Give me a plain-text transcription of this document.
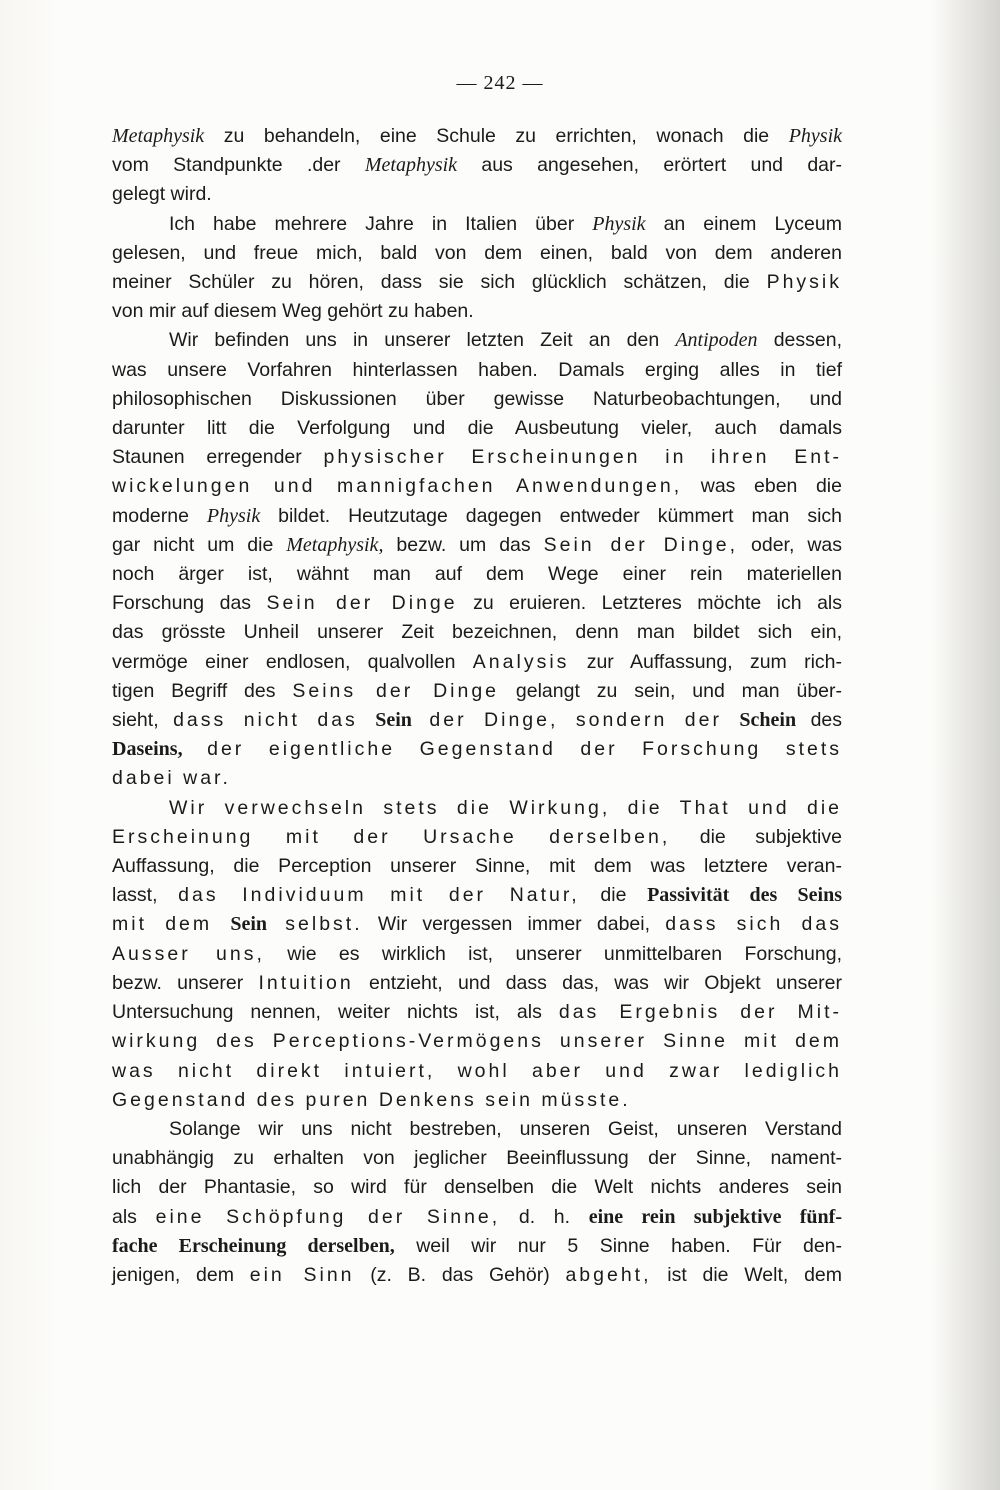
— 242 —
Metaphysik zu behandeln, eine Schule zu errichten, wonach die Physik
vom Standpunkte .der Metaphysik aus angesehen, erörtert und dar-
gelegt wird.
Ich habe mehrere Jahre in Italien über Physik an einem Lyceum
gelesen, und freue mich, bald von dem einen, bald von dem anderen
meiner Schüler zu hören, dass sie sich glücklich schätzen, die Physik
von mir auf diesem Weg gehört zu haben.
Wir befinden uns in unserer letzten Zeit an den Antipoden dessen,
was unsere Vorfahren hinterlassen haben. Damals erging alles in tief
philosophischen Diskussionen über gewisse Naturbeobachtungen, und
darunter litt die Verfolgung und die Ausbeutung vieler, auch damals
Staunen erregender physischer Erscheinungen in ihren Ent-
wickelungen und mannigfachen Anwendungen, was eben die
moderne Physik bildet. Heutzutage dagegen entweder kümmert man sich
gar nicht um die Metaphysik, bezw. um das Sein der Dinge, oder, was
noch ärger ist, wähnt man auf dem Wege einer rein materiellen
Forschung das Sein der Dinge zu eruieren. Letzteres möchte ich als
das grösste Unheil unserer Zeit bezeichnen, denn man bildet sich ein,
vermöge einer endlosen, qualvollen Analysis zur Auffassung, zum rich-
tigen Begriff des Seins der Dinge gelangt zu sein, und man über-
sieht, dass nicht das Sein der Dinge, sondern der Schein des
Daseins, der eigentliche Gegenstand der Forschung stets
dabei war.
Wir verwechseln stets die Wirkung, die That und die
Erscheinung mit der Ursache derselben, die subjektive
Auffassung, die Perception unserer Sinne, mit dem was letztere veran-
lasst, das Individuum mit der Natur, die Passivität des Seins
mit dem Sein selbst. Wir vergessen immer dabei, dass sich das
Ausser uns, wie es wirklich ist, unserer unmittelbaren Forschung,
bezw. unserer Intuition entzieht, und dass das, was wir Objekt unserer
Untersuchung nennen, weiter nichts ist, als das Ergebnis der Mit-
wirkung des Perceptions-Vermögens unserer Sinne mit dem
was nicht direkt intuiert, wohl aber und zwar lediglich
Gegenstand des puren Denkens sein müsste.
Solange wir uns nicht bestreben, unseren Geist, unseren Verstand
unabhängig zu erhalten von jeglicher Beeinflussung der Sinne, nament-
lich der Phantasie, so wird für denselben die Welt nichts anderes sein
als eine Schöpfung der Sinne, d. h. eine rein subjektive fünf-
fache Erscheinung derselben, weil wir nur 5 Sinne haben. Für den-
jenigen, dem ein Sinn (z. B. das Gehör) abgeht, ist die Welt, dem
